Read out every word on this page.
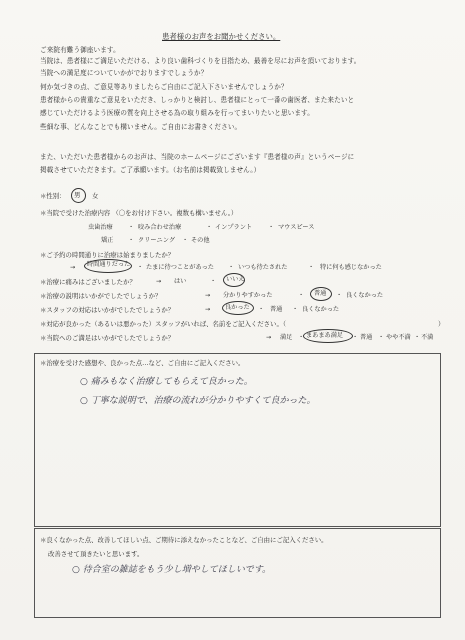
患者様のお声をお聞かせください。
ご来院有難う御座います。
当院は、患者様にご満足いただける、より良い歯科づくりを目指ため、最善を尽にお声を頂いております。
当院への満足度についていかがでおりますでしょうか？
何か気づきの点、ご意見等ありましたらご自由にご記入下さいませんでしょうか？
患者様からの貴重なご意見をいただき、しっかりと検討し、患者様にとって一番の歯医者、また来たいと
感じていただけるよう医療の質を向上させる為の取り組みを行ってまいりたいと思います。
些細な事、どんなことでも構いません。ご自由にお書きください。
また、いただいた患者様からのお声は、当院のホームページにございます『患者様の声』というページに
掲載させていただきます。ご了承願います。（お名前は掲載致しません。）
＊性別： 男 女
＊当院で受けた治療内容 （〇をお付け下さい。複数も構いません。）
虫歯治療 ・ 咬み合わせ治療	・ インプラント	・ マウスピース
矯正 ・ クリーニング ・ その他
＊ご予約の時間通りに治療は始まりましたか？
→ 時間通りだった ・ たまに待つことがあった ・ いつも待たされた	・ 特に何も感じなかった
＊治療に痛みはございましたか？	→ はい	・ いいえ
＊治療の説明はいかがでしたでしょうか？	→ 分かりやすかった	・ 普通 ・ 良くなかった
＊スタッフの対応はいかがでしたでしょうか？	→ 良かった ・ 普通 ・ 良くなかった
＊対応が良かった（あるいは悪かった）スタッフがいれば、名前をご記入ください。（	）
＊当院へのご満足はいかがでしたでしょうか？	→ 満足 ・ まあまあ満足 ・ 普通 ・ やや不満 ・ 不満
＊治療を受けた感想や、良かった点…など、ご自由にご記入ください。
○ 痛みもなく治療してもらえて良かった。
○ 丁寧な説明で、治療の流れが分かりやすくて良かった。
＊良くなかった点、改善してほしい点、ご期待に添えなかったことなど、ご自由にご記入ください。
改善させて頂きたいと思います。
○ 待合室の雑誌をもう少し増やしてほしいです。
